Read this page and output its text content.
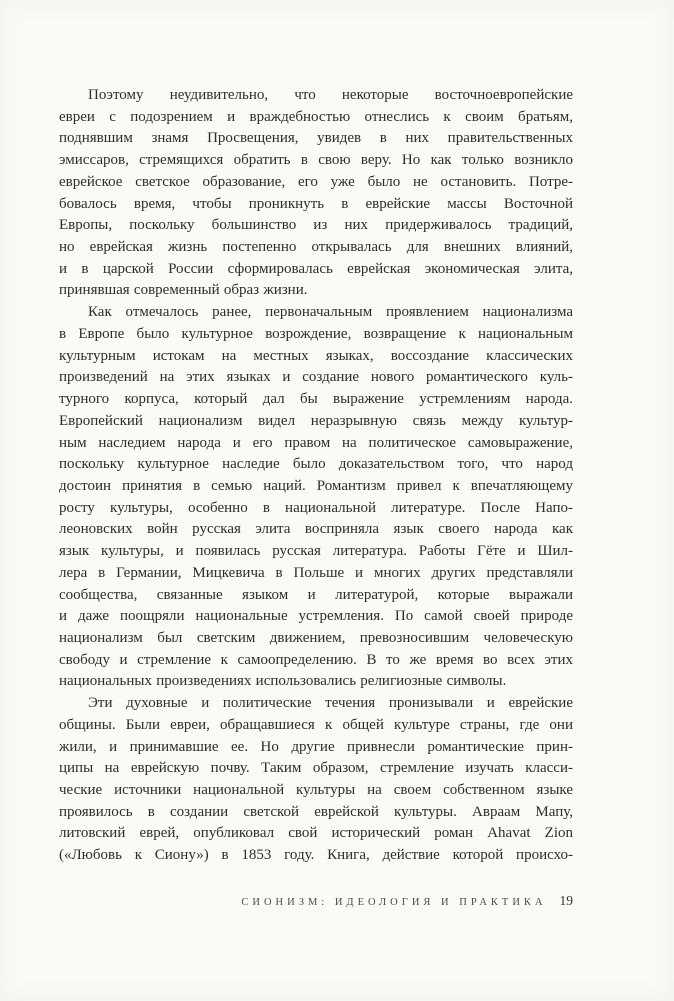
Поэтому неудивительно, что некоторые восточноевропейские
евреи с подозрением и враждебностью отнеслись к своим братьям,
поднявшим знамя Просвещения, увидев в них правительственных
эмиссаров, стремящихся обратить в свою веру. Но как только возникло
еврейское светское образование, его уже было не остановить. Потре-
бовалось время, чтобы проникнуть в еврейские массы Восточной
Европы, поскольку большинство из них придерживалось традиций,
но еврейская жизнь постепенно открывалась для внешних влияний,
и в царской России сформировалась еврейская экономическая элита,
принявшая современный образ жизни.
Как отмечалось ранее, первоначальным проявлением национализма
в Европе было культурное возрождение, возвращение к национальным
культурным истокам на местных языках, воссоздание классических
произведений на этих языках и создание нового романтического куль-
турного корпуса, который дал бы выражение устремлениям народа.
Европейский национализм видел неразрывную связь между культур-
ным наследием народа и его правом на политическое самовыражение,
поскольку культурное наследие было доказательством того, что народ
достоин принятия в семью наций. Романтизм привел к впечатляющему
росту культуры, особенно в национальной литературе. После Напо-
леоновских войн русская элита восприняла язык своего народа как
язык культуры, и появилась русская литература. Работы Гёте и Шил-
лера в Германии, Мицкевича в Польше и многих других представляли
сообщества, связанные языком и литературой, которые выражали
и даже поощряли национальные устремления. По самой своей природе
национализм был светским движением, превозносившим человеческую
свободу и стремление к самоопределению. В то же время во всех этих
национальных произведениях использовались религиозные символы.
Эти духовные и политические течения пронизывали и еврейские
общины. Были евреи, обращавшиеся к общей культуре страны, где они
жили, и принимавшие ее. Но другие привнесли романтические прин-
ципы на еврейскую почву. Таким образом, стремление изучать класси-
ческие источники национальной культуры на своем собственном языке
проявилось в создании светской еврейской культуры. Авраам Мапу,
литовский еврей, опубликовал свой исторический роман Ahavat Zion
(«Любовь к Сиону») в 1853 году. Книга, действие которой происхо-
СИОНИЗМ: ИДЕОЛОГИЯ И ПРАКТИКА 19
